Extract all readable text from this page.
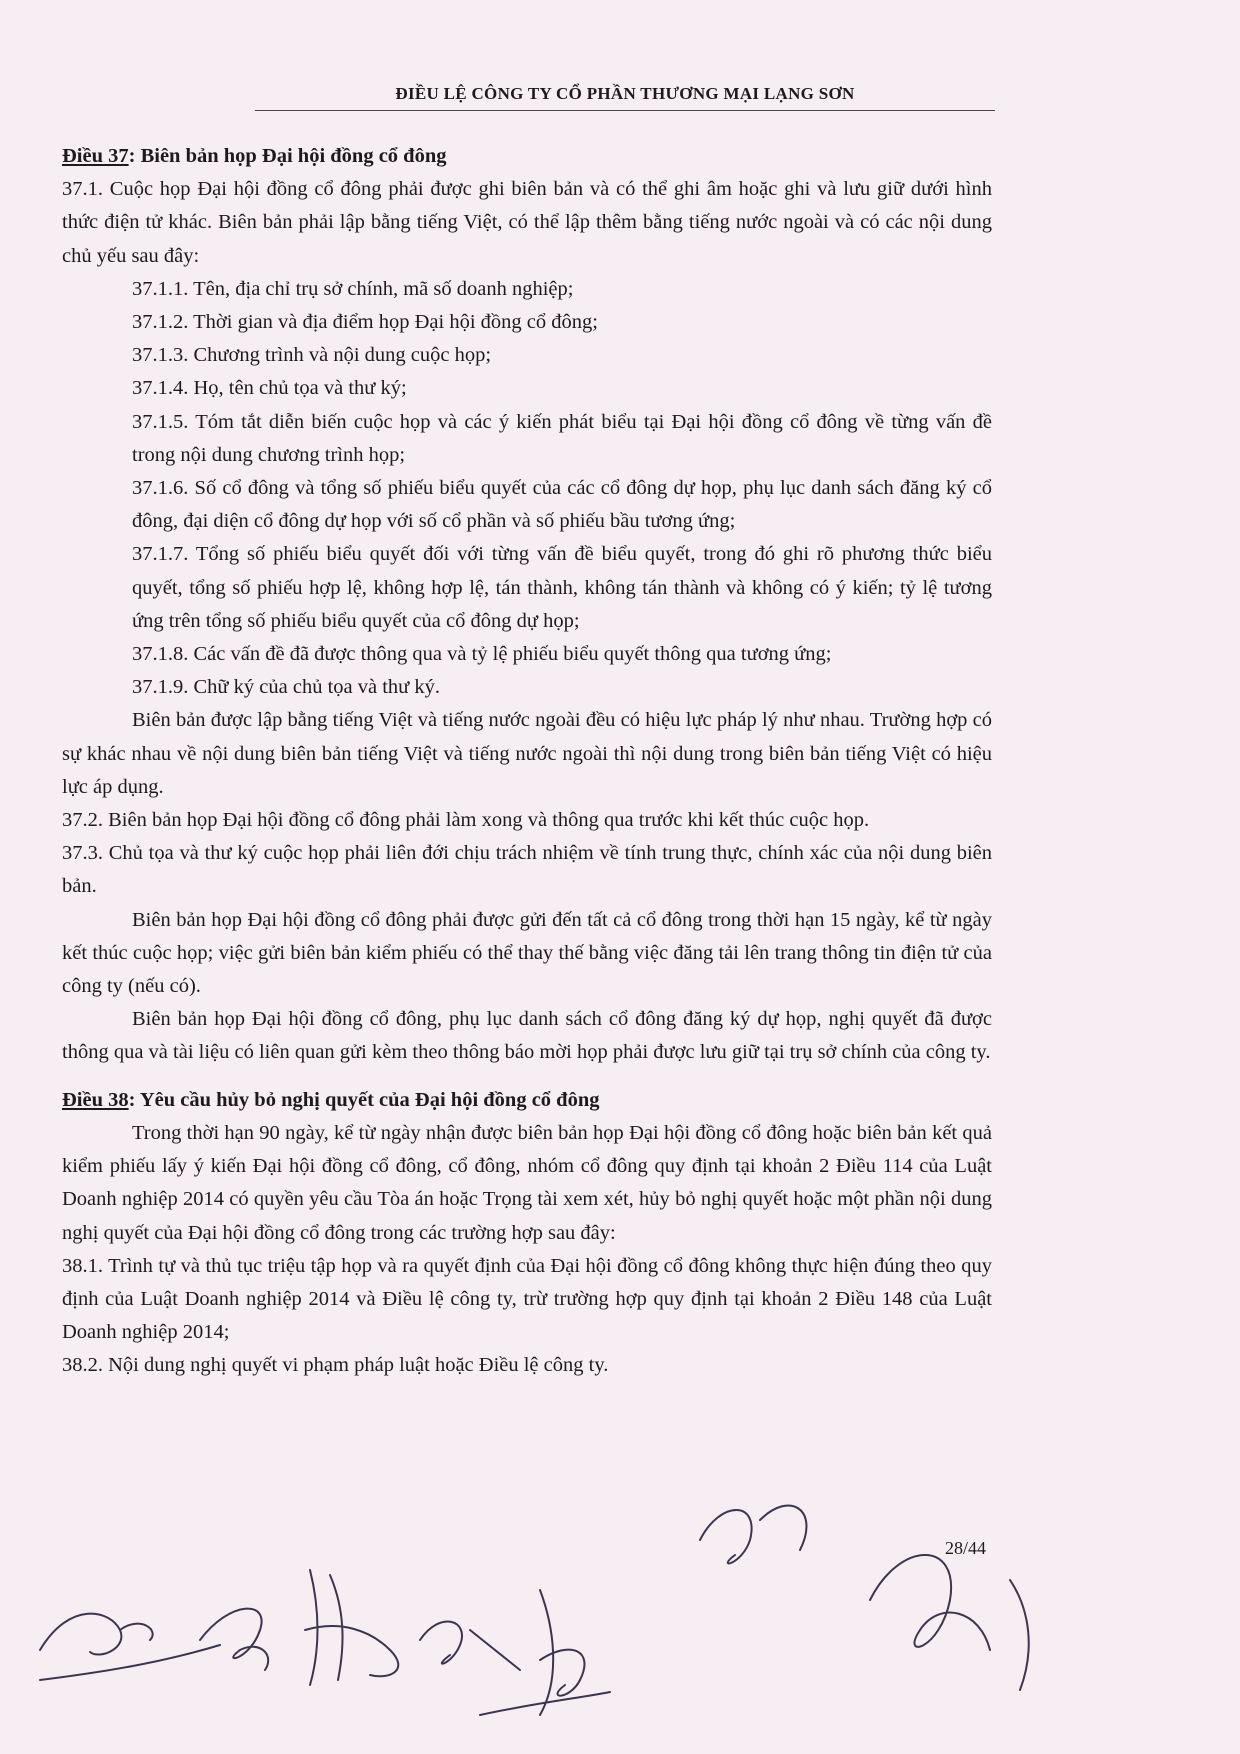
ĐIỀU LỆ CÔNG TY CỔ PHẦN THƯƠNG MẠI LẠNG SƠN

Điều 37: Biên bản họp Đại hội đồng cổ đông

37.1. Cuộc họp Đại hội đồng cổ đông phải được ghi biên bản và có thể ghi âm hoặc ghi và lưu giữ dưới hình thức điện tử khác. Biên bản phải lập bằng tiếng Việt, có thể lập thêm bằng tiếng nước ngoài và có các nội dung chủ yếu sau đây:

37.1.1. Tên, địa chỉ trụ sở chính, mã số doanh nghiệp;

37.1.2. Thời gian và địa điểm họp Đại hội đồng cổ đông;

37.1.3. Chương trình và nội dung cuộc họp;

37.1.4. Họ, tên chủ tọa và thư ký;

37.1.5. Tóm tắt diễn biến cuộc họp và các ý kiến phát biểu tại Đại hội đồng cổ đông về từng vấn đề trong nội dung chương trình họp;

37.1.6. Số cổ đông và tổng số phiếu biểu quyết của các cổ đông dự họp, phụ lục danh sách đăng ký cổ đông, đại diện cổ đông dự họp với số cổ phần và số phiếu bầu tương ứng;

37.1.7. Tổng số phiếu biểu quyết đối với từng vấn đề biểu quyết, trong đó ghi rõ phương thức biểu quyết, tổng số phiếu hợp lệ, không hợp lệ, tán thành, không tán thành và không có ý kiến; tỷ lệ tương ứng trên tổng số phiếu biểu quyết của cổ đông dự họp;

37.1.8. Các vấn đề đã được thông qua và tỷ lệ phiếu biểu quyết thông qua tương ứng;

37.1.9. Chữ ký của chủ tọa và thư ký.

Biên bản được lập bằng tiếng Việt và tiếng nước ngoài đều có hiệu lực pháp lý như nhau. Trường hợp có sự khác nhau về nội dung biên bản tiếng Việt và tiếng nước ngoài thì nội dung trong biên bản tiếng Việt có hiệu lực áp dụng.

37.2. Biên bản họp Đại hội đồng cổ đông phải làm xong và thông qua trước khi kết thúc cuộc họp.

37.3. Chủ tọa và thư ký cuộc họp phải liên đới chịu trách nhiệm về tính trung thực, chính xác của nội dung biên bản.

Biên bản họp Đại hội đồng cổ đông phải được gửi đến tất cả cổ đông trong thời hạn 15 ngày, kể từ ngày kết thúc cuộc họp; việc gửi biên bản kiểm phiếu có thể thay thế bằng việc đăng tải lên trang thông tin điện tử của công ty (nếu có).

Biên bản họp Đại hội đồng cổ đông, phụ lục danh sách cổ đông đăng ký dự họp, nghị quyết đã được thông qua và tài liệu có liên quan gửi kèm theo thông báo mời họp phải được lưu giữ tại trụ sở chính của công ty.

Điều 38: Yêu cầu hủy bỏ nghị quyết của Đại hội đồng cổ đông

Trong thời hạn 90 ngày, kể từ ngày nhận được biên bản họp Đại hội đồng cổ đông hoặc biên bản kết quả kiểm phiếu lấy ý kiến Đại hội đồng cổ đông, cổ đông, nhóm cổ đông quy định tại khoản 2 Điều 114 của Luật Doanh nghiệp 2014 có quyền yêu cầu Tòa án hoặc Trọng tài xem xét, hủy bỏ nghị quyết hoặc một phần nội dung nghị quyết của Đại hội đồng cổ đông trong các trường hợp sau đây:

38.1. Trình tự và thủ tục triệu tập họp và ra quyết định của Đại hội đồng cổ đông không thực hiện đúng theo quy định của Luật Doanh nghiệp 2014 và Điều lệ công ty, trừ trường hợp quy định tại khoản 2 Điều 148 của Luật Doanh nghiệp 2014;

38.2. Nội dung nghị quyết vi phạm pháp luật hoặc Điều lệ công ty.

28/44
